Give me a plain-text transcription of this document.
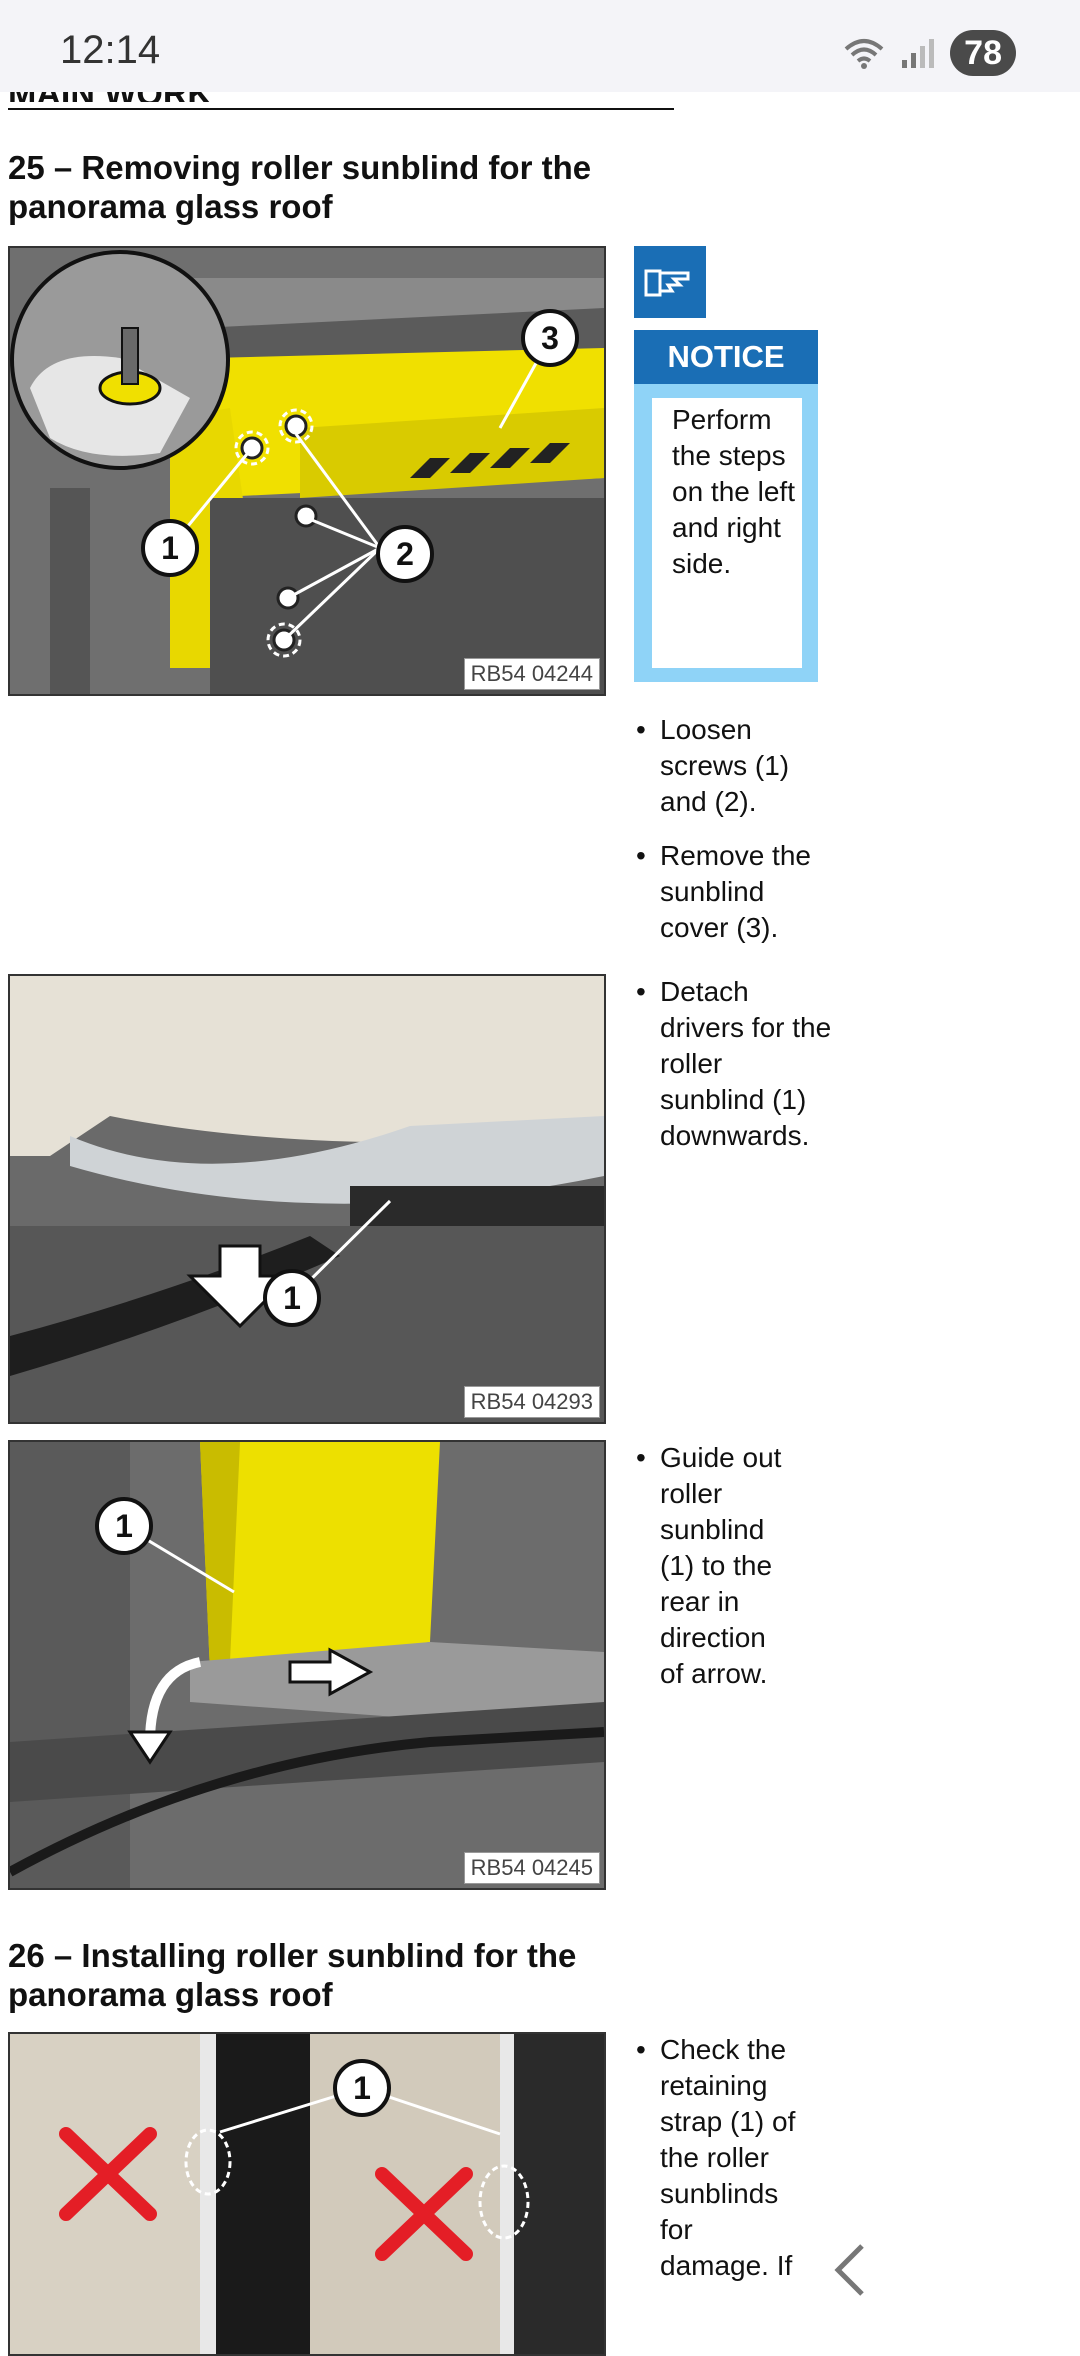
12:14	78
25 – Removing roller sunblind for the panorama glass roof
3
2
1
RB54 04244
NOTICE
Perform the steps on the left and right side.
• Loosen screws (1) and (2).
• Remove the sunblind cover (3).
1
RB54 04293
• Detach drivers for the roller sunblind (1) downwards.
1
RB54 04245
• Guide out roller sunblind (1) to the rear in direction of arrow.
26 – Installing roller sunblind for the panorama glass roof
1
• Check the retaining strap (1) of the roller sunblinds for damage. If
